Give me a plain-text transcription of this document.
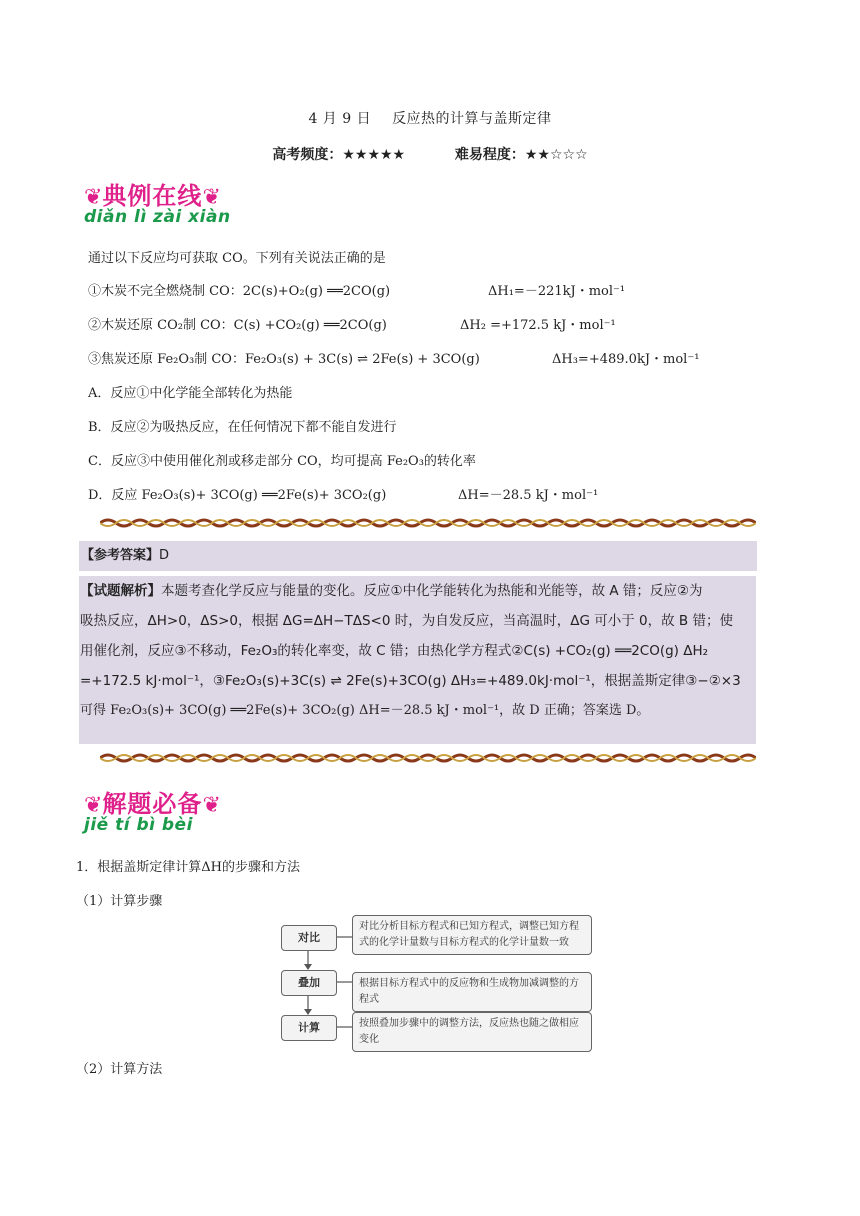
4 月 9 日 反应热的计算与盖斯定律
高考频度：★★★★★	难易程度：★★☆☆☆
❦典例在线❦
diǎn lì zài xiàn
通过以下反应均可获取 CO。下列有关说法正确的是
①木炭不完全燃烧制 CO：2C(s)+O₂(g) ══2CO(g)	ΔH₁=－221kJ・mol⁻¹
②木炭还原 CO₂制 CO：C(s) +CO₂(g) ══2CO(g)	ΔH₂ =+172.5 kJ・mol⁻¹
③焦炭还原 Fe₂O₃制 CO：Fe₂O₃(s) + 3C(s) ⇌ 2Fe(s) + 3CO(g)	ΔH₃=+489.0kJ・mol⁻¹
A．反应①中化学能全部转化为热能
B．反应②为吸热反应，在任何情况下都不能自发进行
C．反应③中使用催化剂或移走部分 CO，均可提高 Fe₂O₃的转化率
D．反应 Fe₂O₃(s)+ 3CO(g) ══2Fe(s)+ 3CO₂(g)	ΔH=－28.5 kJ・mol⁻¹
【参考答案】D

【试题解析】本题考查化学反应与能量的变化。反应①中化学能转化为热能和光能等，故 A 错；反应②为

吸热反应，ΔH>0，ΔS>0，根据 ΔG=ΔH−TΔS<0 时，为自发反应，当高温时，ΔG 可小于 0，故 B 错；使

用催化剂，反应③不移动，Fe₂O₃的转化率变，故 C 错；由热化学方程式②C(s) +CO₂(g) ══2CO(g) ΔH₂

=+172.5 kJ·mol⁻¹，③Fe₂O₃(s)+3C(s) ⇌ 2Fe(s)+3CO(g) ΔH₃=+489.0kJ·mol⁻¹，根据盖斯定律③−②×3

可得 Fe₂O₃(s)+ 3CO(g) ══2Fe(s)+ 3CO₂(g) ΔH=－28.5 kJ・mol⁻¹，故 D 正确；答案选 D。

❦解题必备❦
jiě tí bì bèi
1．根据盖斯定律计算ΔH的步骤和方法
（1）计算步骤
对比
叠加
计算
对比分析目标方程式和已知方程式，调整已知方程式的化学计量数与目标方程式的化学计量数一致
根据目标方程式中的反应物和生成物加减调整的方程式
按照叠加步骤中的调整方法，反应热也随之做相应变化
（2）计算方法
